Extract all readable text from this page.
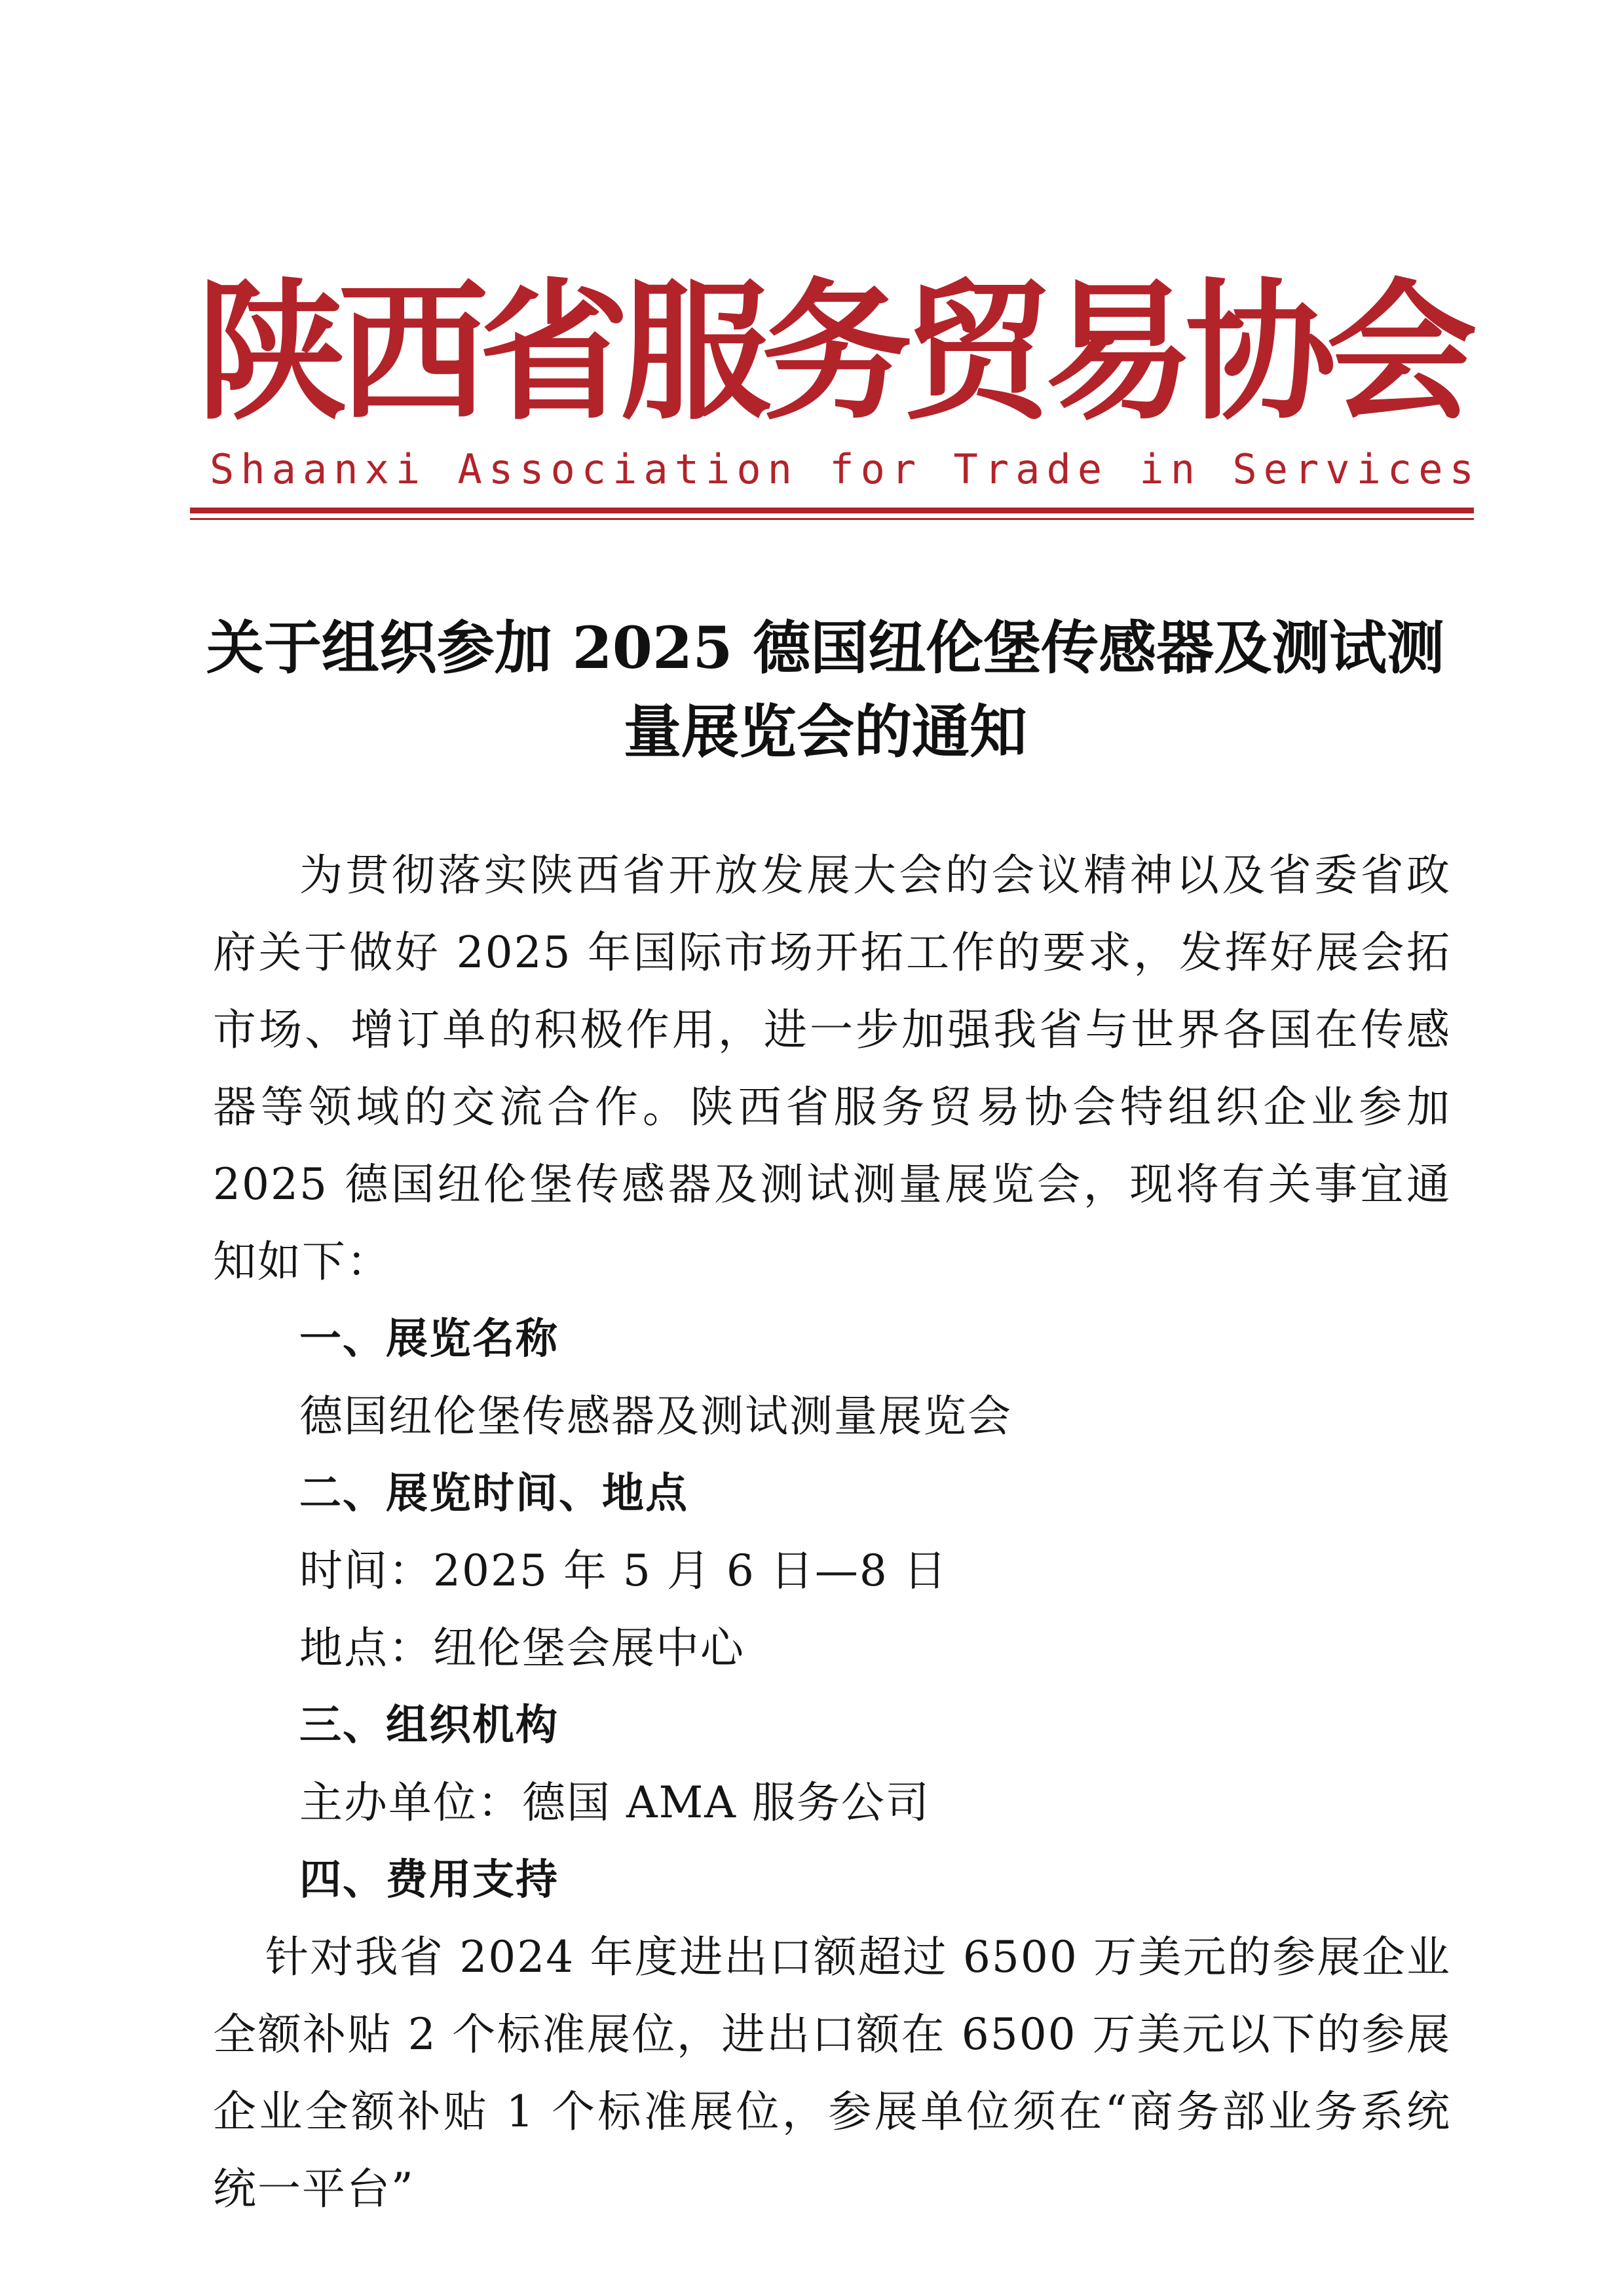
陕
西
省
服
务
贸
易
协
会
S h a a n x i
A s s o c i a t i o n
f o r
T r a d e
i n
S e r v i c e s
关于组织参加 2025 德国纽伦堡传感器及测试测
量展览会的通知

为贯彻落实陕西省开放发展大会的会议精神以及省委省政府关于做好 2025 年国际市场开拓工作的要求，发挥好展会拓市场、增订单的积极作用，进一步加强我省与世界各国在传感器等领域的交流合作。陕西省服务贸易协会特组织企业参加 2025 德国纽伦堡传感器及测试测量展览会，现将有关事宜通知如下：

一、展览名称

德国纽伦堡传感器及测试测量展览会

二、展览时间、地点

时间：2025 年 5 月 6 日—8 日

地点：纽伦堡会展中心

三、组织机构

主办单位：德国 AMA 服务公司

四、费用支持

针对我省 2024 年度进出口额超过 6500 万美元的参展企业全额补贴 2 个标准展位，进出口额在 6500 万美元以下的参展企业全额补贴 1 个标准展位，参展单位须在“商务部业务系统统一平台”
